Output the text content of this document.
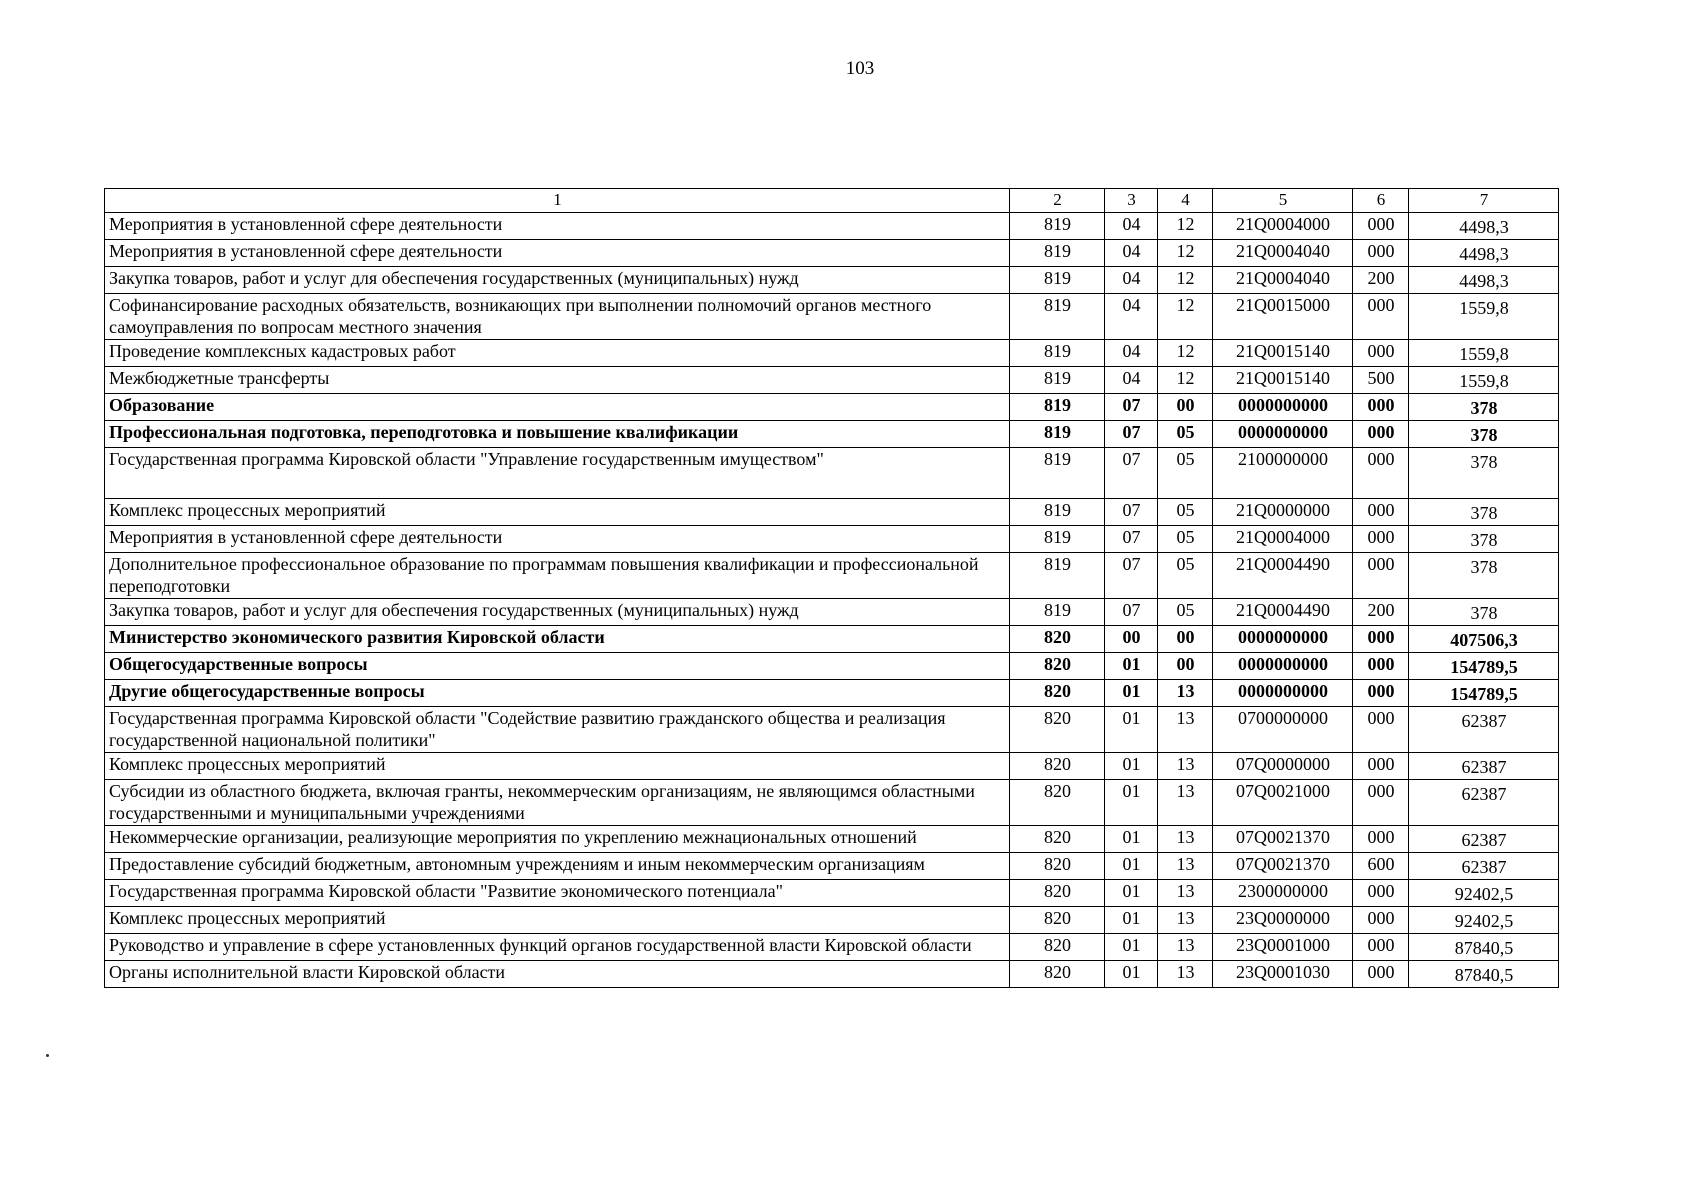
103
1	2	3	4	5	6	7
Мероприятия в установленной сфере деятельности	819	04	12	21Q0004000	000	4498,3
Мероприятия в установленной сфере деятельности	819	04	12	21Q0004040	000	4498,3
Закупка товаров, работ и услуг для обеспечения государственных (муниципальных) нужд	819	04	12	21Q0004040	200	4498,3
Софинансирование расходных обязательств, возникающих при выполнении полномочий органов местного самоуправления по вопросам местного значения	819	04	12	21Q0015000	000	1559,8
Проведение комплексных кадастровых работ	819	04	12	21Q0015140	000	1559,8
Межбюджетные трансферты	819	04	12	21Q0015140	500	1559,8
Образование	819	07	00	0000000000	000	378
Профессиональная подготовка, переподготовка и повышение квалификации	819	07	05	0000000000	000	378
Государственная программа Кировской области "Управление государственным имуществом"	819	07	05	2100000000	000	378
Комплекс процессных мероприятий	819	07	05	21Q0000000	000	378
Мероприятия в установленной сфере деятельности	819	07	05	21Q0004000	000	378
Дополнительное профессиональное образование по программам повышения квалификации и профессиональной переподготовки	819	07	05	21Q0004490	000	378
Закупка товаров, работ и услуг для обеспечения государственных (муниципальных) нужд	819	07	05	21Q0004490	200	378
Министерство экономического развития Кировской области	820	00	00	0000000000	000	407506,3
Общегосударственные вопросы	820	01	00	0000000000	000	154789,5
Другие общегосударственные вопросы	820	01	13	0000000000	000	154789,5
Государственная программа Кировской области "Содействие развитию гражданского общества и реализация государственной национальной политики"	820	01	13	0700000000	000	62387
Комплекс процессных мероприятий	820	01	13	07Q0000000	000	62387
Субсидии из областного бюджета, включая гранты, некоммерческим организациям, не являющимся областными государственными и муниципальными учреждениями	820	01	13	07Q0021000	000	62387
Некоммерческие организации, реализующие мероприятия по укреплению межнациональных отношений	820	01	13	07Q0021370	000	62387
Предоставление субсидий бюджетным, автономным учреждениям и иным некоммерческим организациям	820	01	13	07Q0021370	600	62387
Государственная программа Кировской области "Развитие экономического потенциала"	820	01	13	2300000000	000	92402,5
Комплекс процессных мероприятий	820	01	13	23Q0000000	000	92402,5
Руководство и управление в сфере установленных функций органов государственной власти Кировской области	820	01	13	23Q0001000	000	87840,5
Органы исполнительной власти Кировской области	820	01	13	23Q0001030	000	87840,5
